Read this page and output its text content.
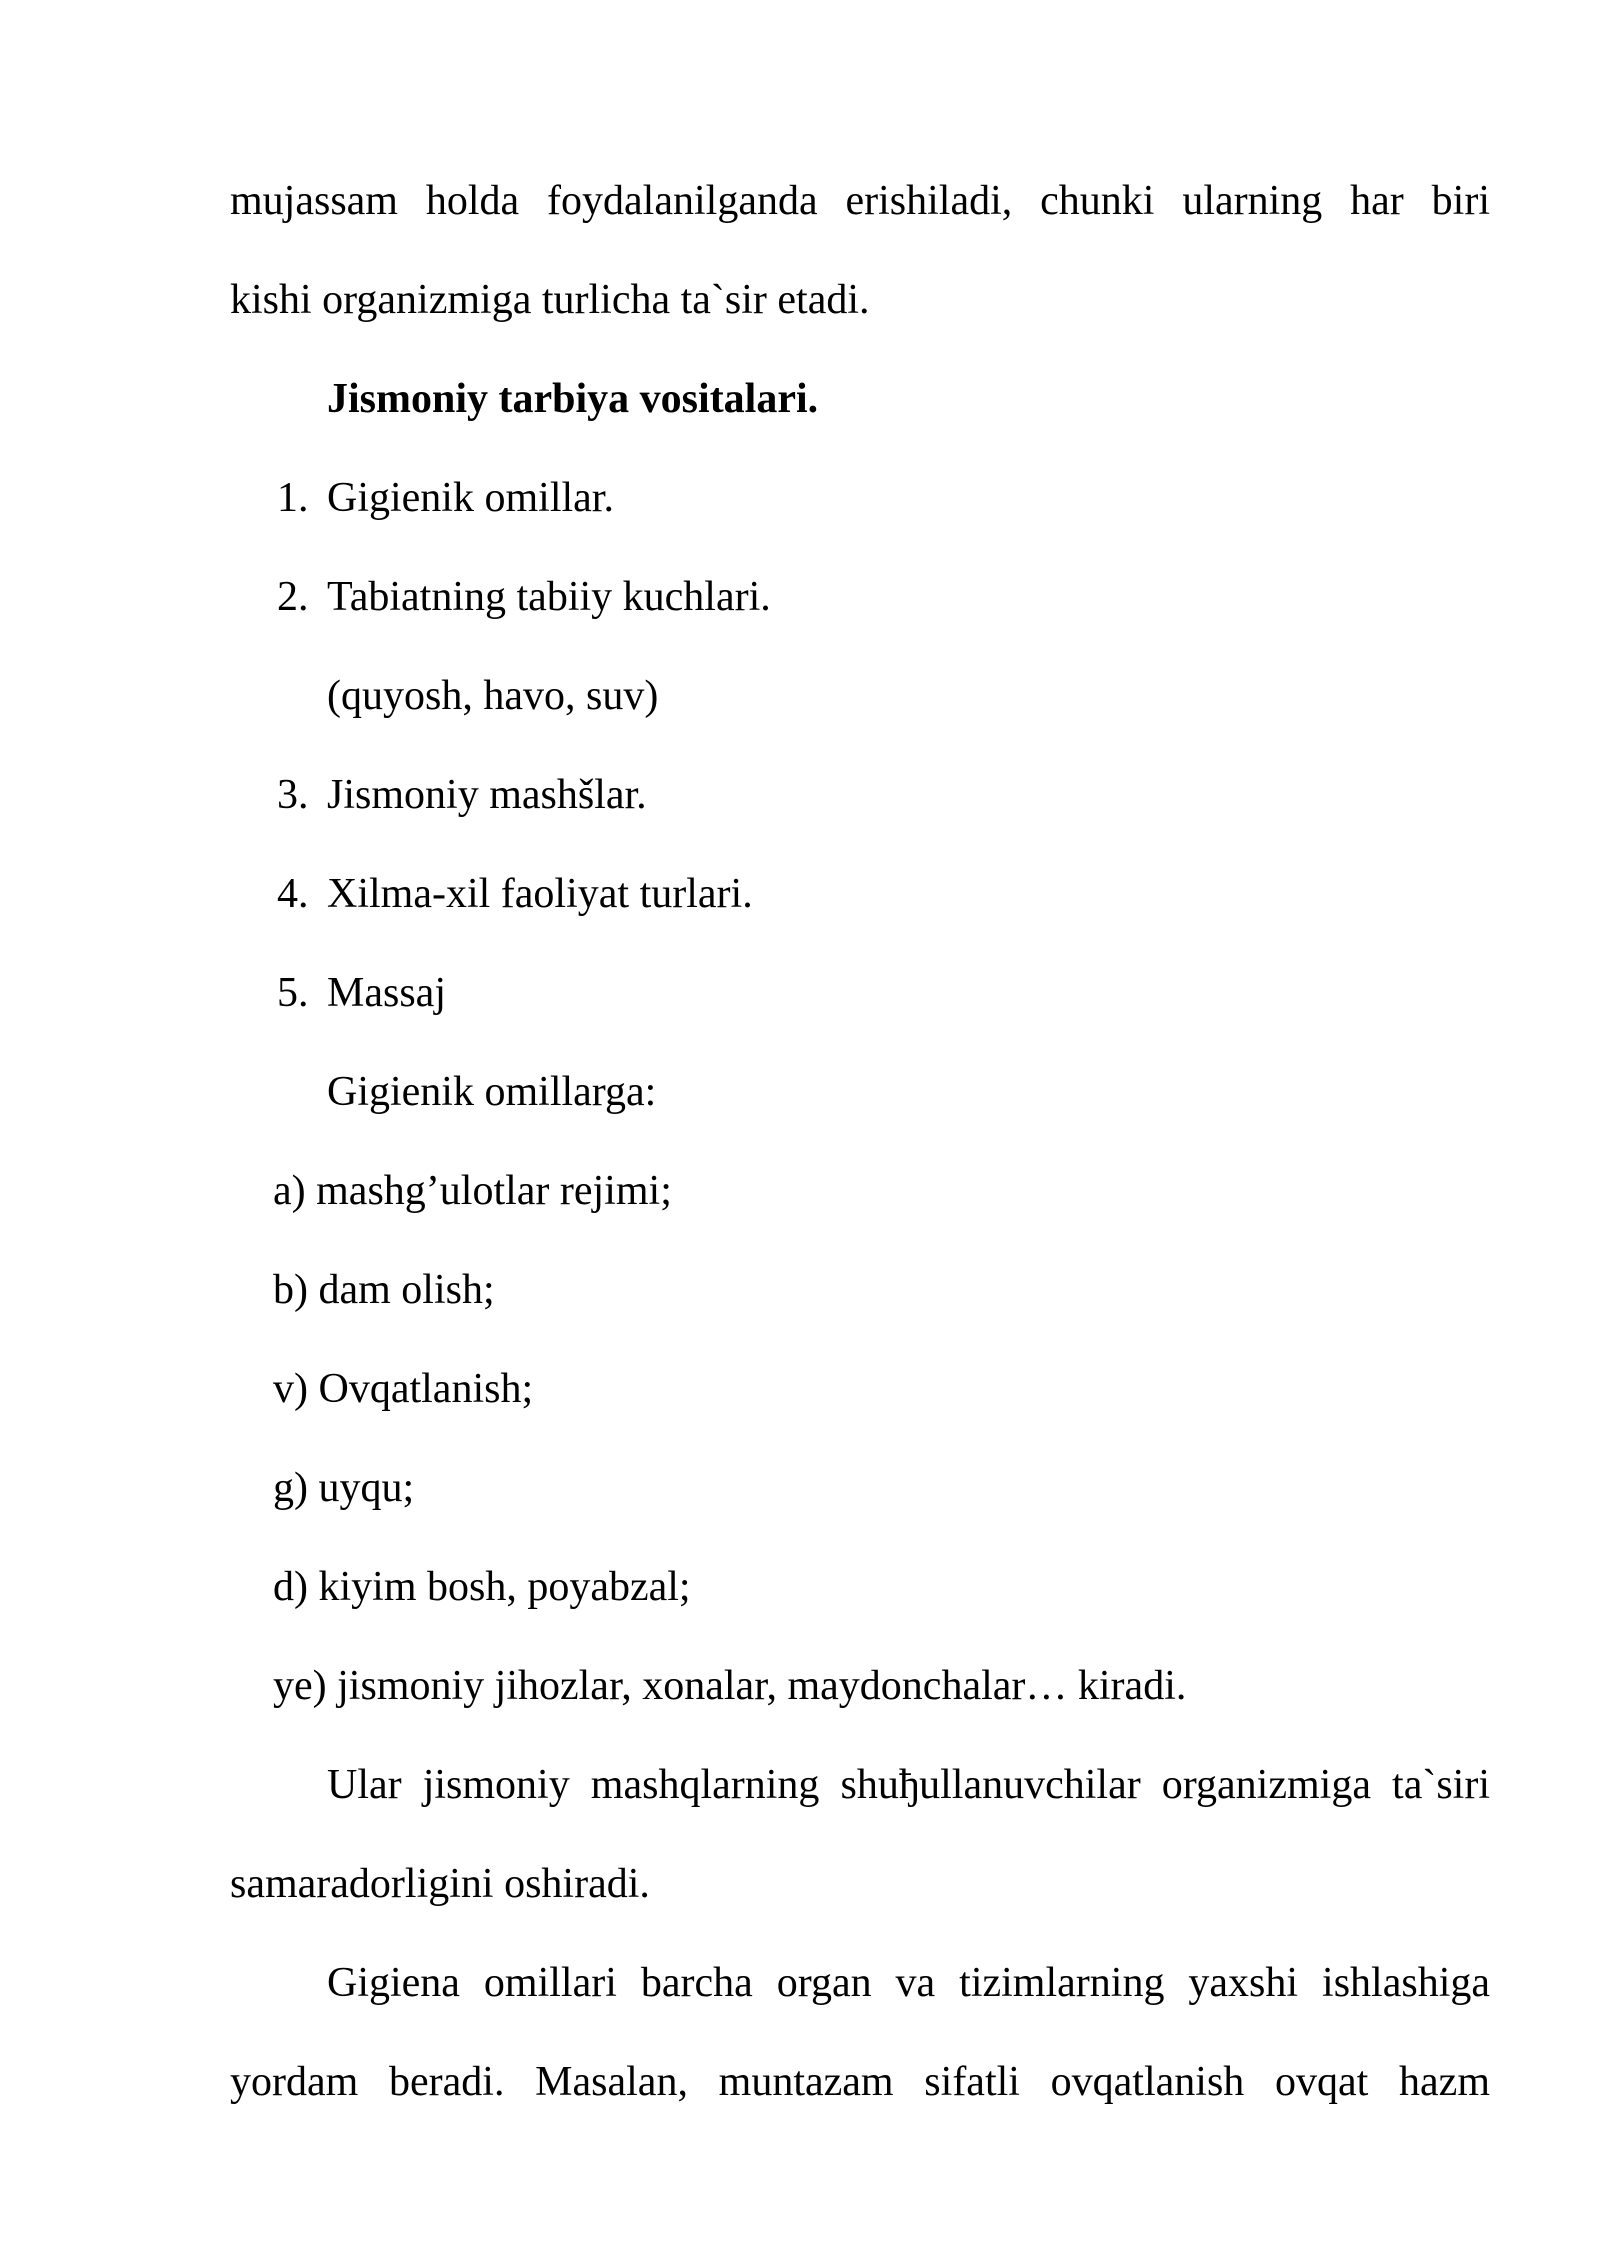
mujassam holda foydalanilganda erishiladi, chunki ularning har biri
kishi organizmiga turlicha ta`sir etadi.
Jismoniy tarbiya vositalari.
1. Gigienik omillar.
2. Tabiatning tabiiy kuchlari.
(quyosh, havo, suv)
3. Jismoniy mashšlar.
4. Xilma-xil faoliyat turlari.
5. Massaj
Gigienik omillarga:
a) mashg’ulotlar rejimi;
b) dam olish;
v) Ovqatlanish;
g) uyqu;
d) kiyim bosh, poyabzal;
ye) jismoniy jihozlar, xonalar, maydonchalar… kiradi.
Ular jismoniy mashqlarning shuђullanuvchilar organizmiga ta`siri
samaradorligini oshiradi.
Gigiena omillari barcha organ va tizimlarning yaxshi ishlashiga
yordam beradi. Masalan, muntazam sifatli ovqatlanish ovqat hazm
